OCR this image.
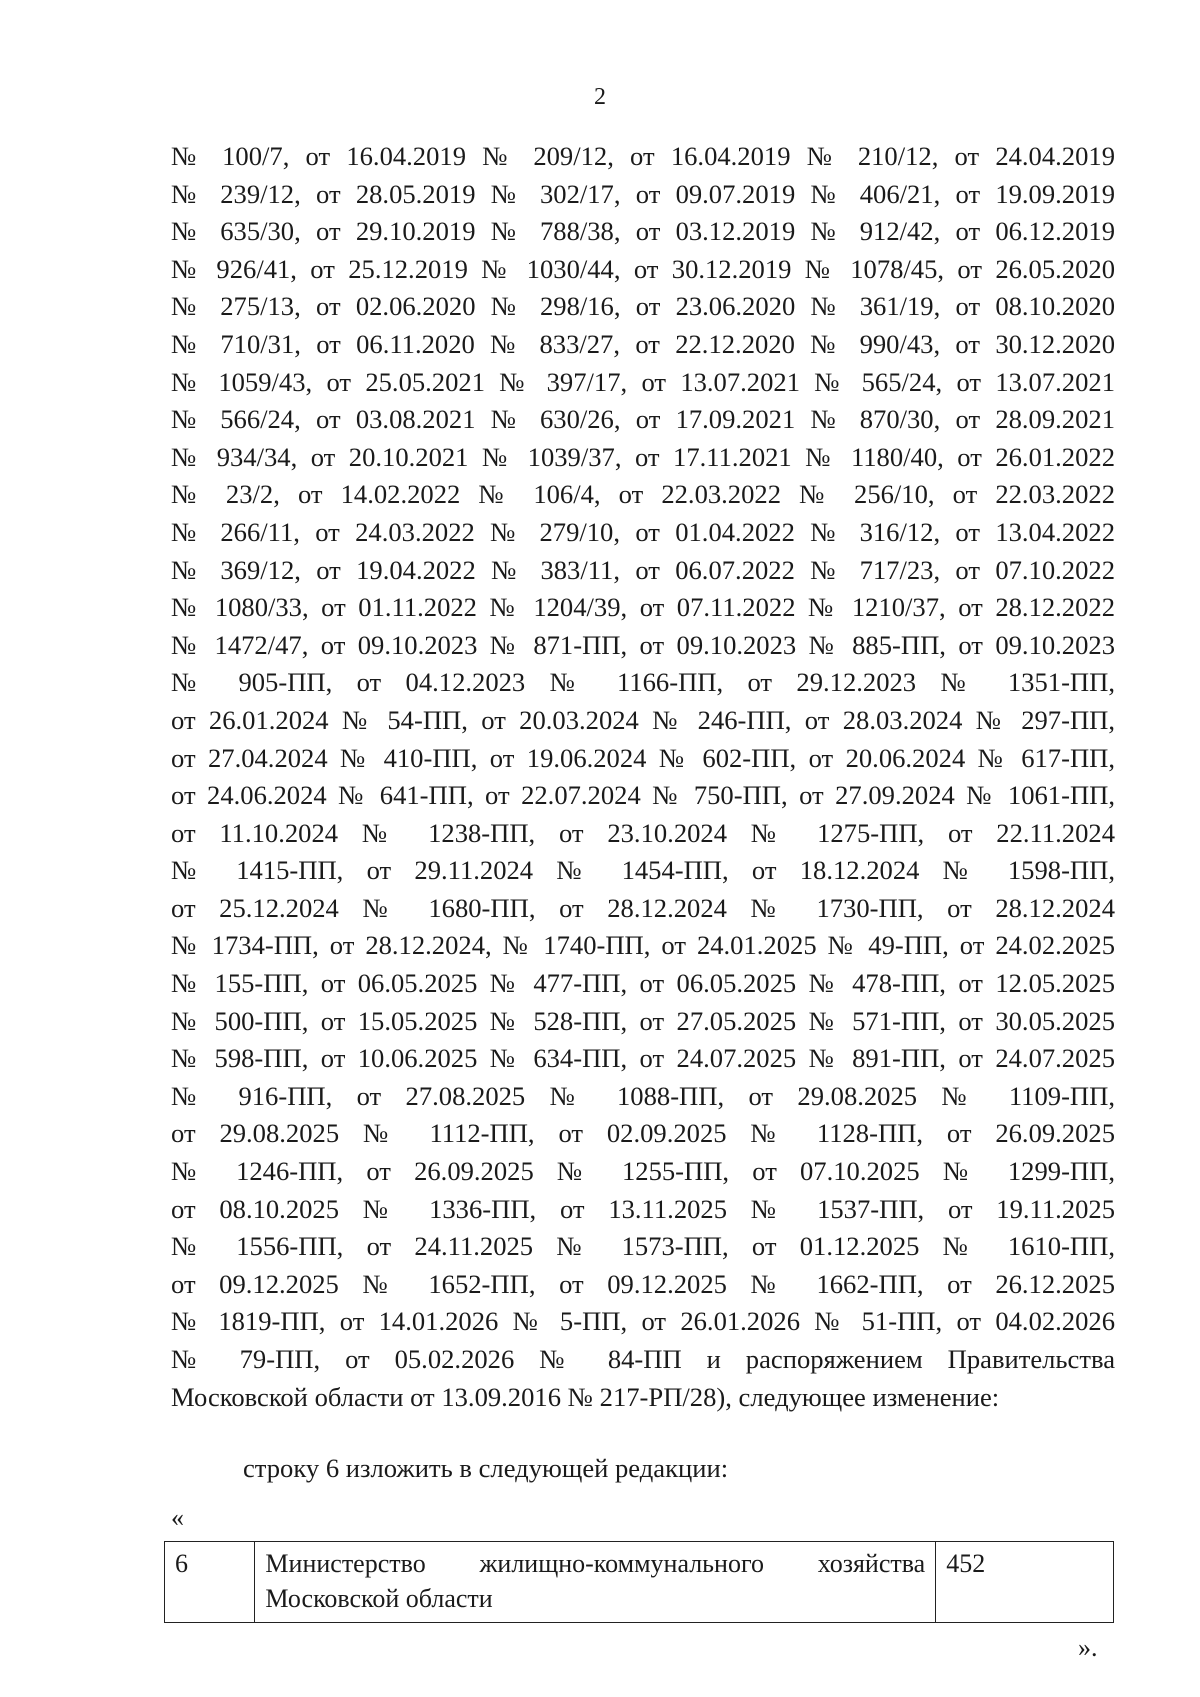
2
№ 100/7, от 16.04.2019 № 209/12, от 16.04.2019 № 210/12, от 24.04.2019
№ 239/12, от 28.05.2019 № 302/17, от 09.07.2019 № 406/21, от 19.09.2019
№ 635/30, от 29.10.2019 № 788/38, от 03.12.2019 № 912/42, от 06.12.2019
№ 926/41, от 25.12.2019 № 1030/44, от 30.12.2019 № 1078/45, от 26.05.2020
№ 275/13, от 02.06.2020 № 298/16, от 23.06.2020 № 361/19, от 08.10.2020
№ 710/31, от 06.11.2020 № 833/27, от 22.12.2020 № 990/43, от 30.12.2020
№ 1059/43, от 25.05.2021 № 397/17, от 13.07.2021 № 565/24, от 13.07.2021
№ 566/24, от 03.08.2021 № 630/26, от 17.09.2021 № 870/30, от 28.09.2021
№ 934/34, от 20.10.2021 № 1039/37, от 17.11.2021 № 1180/40, от 26.01.2022
№ 23/2, от 14.02.2022 № 106/4, от 22.03.2022 № 256/10, от 22.03.2022
№ 266/11, от 24.03.2022 № 279/10, от 01.04.2022 № 316/12, от 13.04.2022
№ 369/12, от 19.04.2022 № 383/11, от 06.07.2022 № 717/23, от 07.10.2022
№ 1080/33, от 01.11.2022 № 1204/39, от 07.11.2022 № 1210/37, от 28.12.2022
№ 1472/47, от 09.10.2023 № 871-ПП, от 09.10.2023 № 885-ПП, от 09.10.2023
№ 905-ПП, от 04.12.2023 № 1166-ПП, от 29.12.2023 № 1351-ПП,
от 26.01.2024 № 54-ПП, от 20.03.2024 № 246-ПП, от 28.03.2024 № 297-ПП,
от 27.04.2024 № 410-ПП, от 19.06.2024 № 602-ПП, от 20.06.2024 № 617-ПП,
от 24.06.2024 № 641-ПП, от 22.07.2024 № 750-ПП, от 27.09.2024 № 1061-ПП,
от 11.10.2024 № 1238-ПП, от 23.10.2024 № 1275-ПП, от 22.11.2024
№ 1415-ПП, от 29.11.2024 № 1454-ПП, от 18.12.2024 № 1598-ПП,
от 25.12.2024 № 1680-ПП, от 28.12.2024 № 1730-ПП, от 28.12.2024
№ 1734-ПП, от 28.12.2024, № 1740-ПП, от 24.01.2025 № 49-ПП, от 24.02.2025
№ 155-ПП, от 06.05.2025 № 477-ПП, от 06.05.2025 № 478-ПП, от 12.05.2025
№ 500-ПП, от 15.05.2025 № 528-ПП, от 27.05.2025 № 571-ПП, от 30.05.2025
№ 598-ПП, от 10.06.2025 № 634-ПП, от 24.07.2025 № 891-ПП, от 24.07.2025
№ 916-ПП, от 27.08.2025 № 1088-ПП, от 29.08.2025 № 1109-ПП,
от 29.08.2025 № 1112-ПП, от 02.09.2025 № 1128-ПП, от 26.09.2025
№ 1246-ПП, от 26.09.2025 № 1255-ПП, от 07.10.2025 № 1299-ПП,
от 08.10.2025 № 1336-ПП, от 13.11.2025 № 1537-ПП, от 19.11.2025
№ 1556-ПП, от 24.11.2025 № 1573-ПП, от 01.12.2025 № 1610-ПП,
от 09.12.2025 № 1652-ПП, от 09.12.2025 № 1662-ПП, от 26.12.2025
№ 1819-ПП, от 14.01.2026 № 5-ПП, от 26.01.2026 № 51-ПП, от 04.02.2026
№ 79-ПП, от 05.02.2026 № 84-ПП и распоряжением Правительства
Московской области от 13.09.2016 № 217-РП/28), следующее изменение:
строку 6 изложить в следующей редакции:
«
6	Министерство жилищно-коммунального хозяйства Московской области	452
».
